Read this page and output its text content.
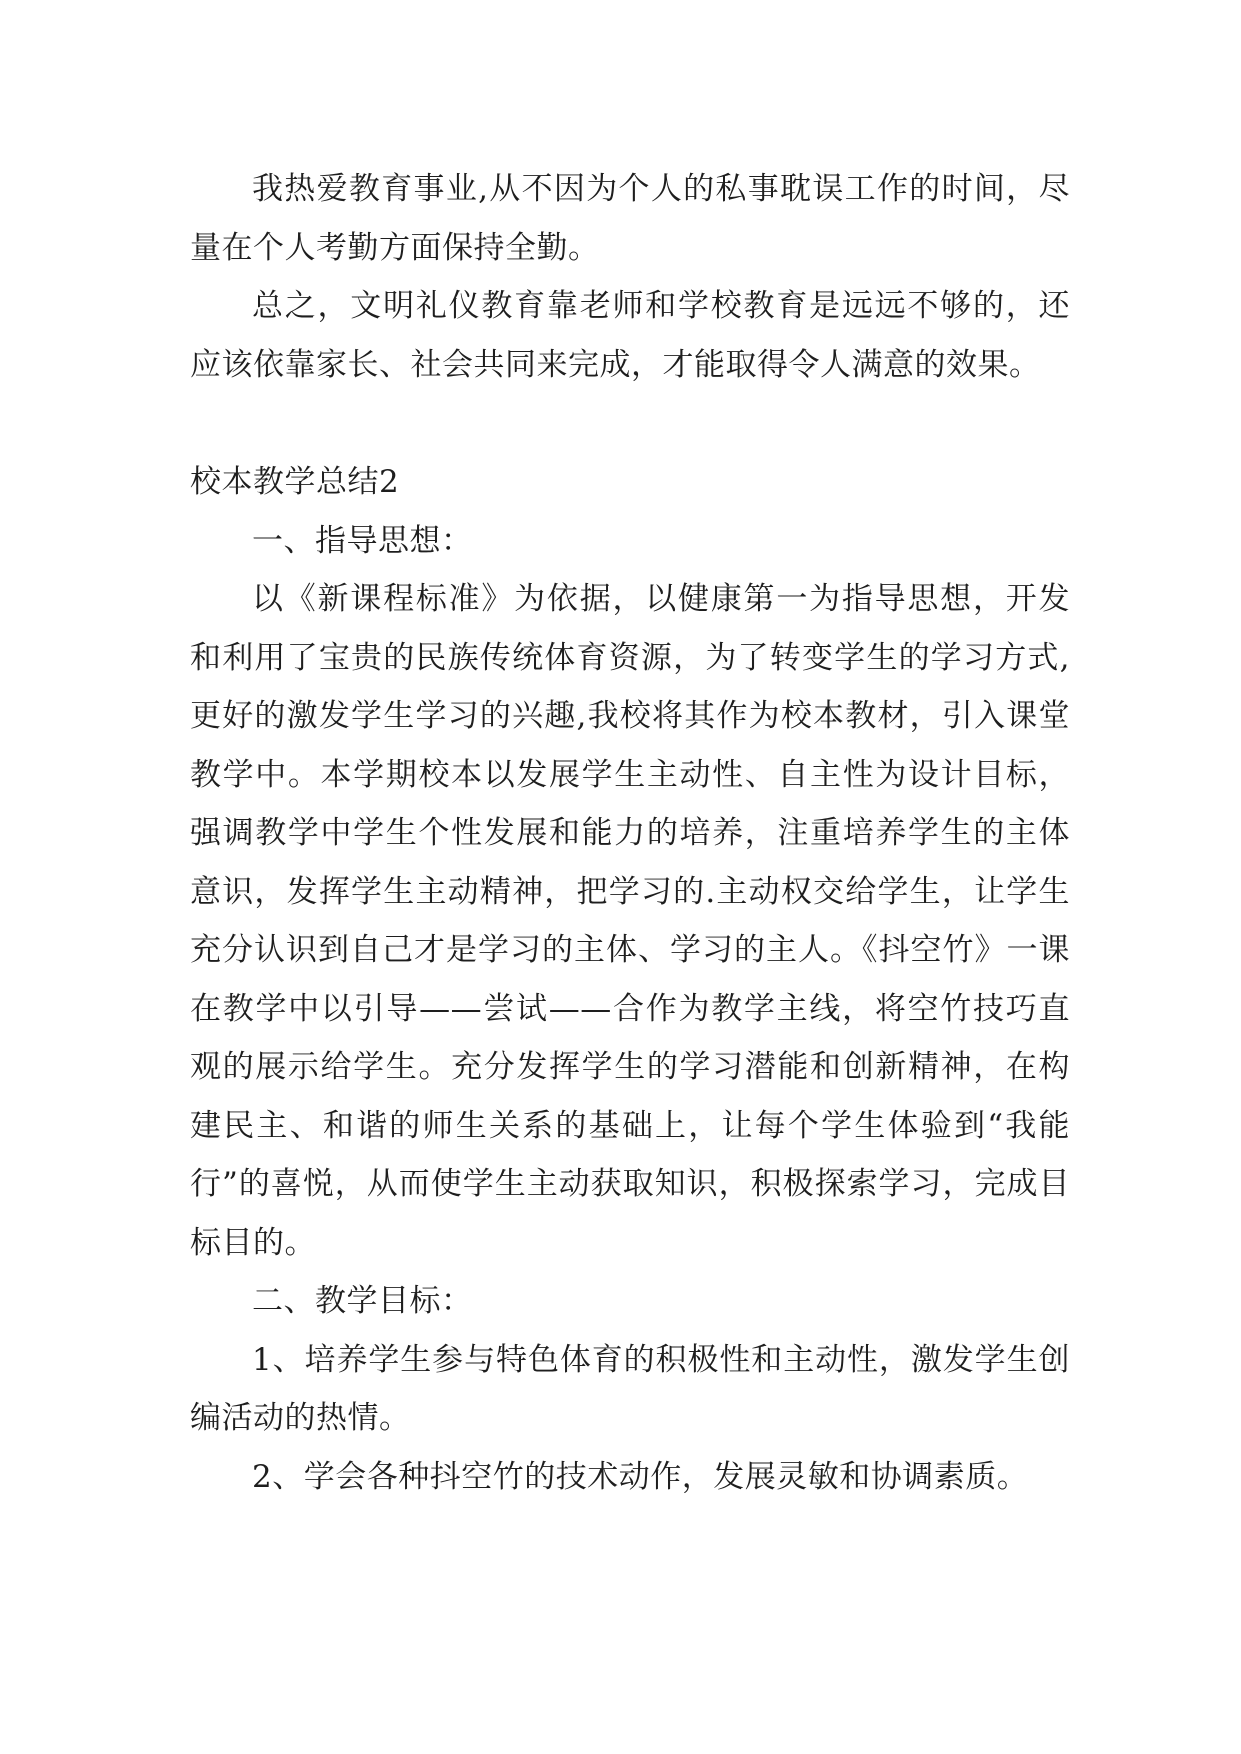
我热爱教育事业,从不因为个人的私事耽误工作的时间，尽量在个人考勤方面保持全勤。

总之，文明礼仪教育靠老师和学校教育是远远不够的，还应该依靠家长、社会共同来完成，才能取得令人满意的效果。

校本教学总结2

一、指导思想：

以《新课程标准》为依据，以健康第一为指导思想，开发和利用了宝贵的民族传统体育资源，为了转变学生的学习方式,更好的激发学生学习的兴趣,我校将其作为校本教材，引入课堂教学中。本学期校本以发展学生主动性、自主性为设计目标，强调教学中学生个性发展和能力的培养，注重培养学生的主体意识，发挥学生主动精神，把学习的.主动权交给学生，让学生充分认识到自己才是学习的主体、学习的主人。《抖空竹》一课在教学中以引导——尝试——合作为教学主线，将空竹技巧直观的展示给学生。充分发挥学生的学习潜能和创新精神，在构建民主、和谐的师生关系的基础上，让每个学生体验到“我能行”的喜悦，从而使学生主动获取知识，积极探索学习，完成目标目的。

二、教学目标：

1、培养学生参与特色体育的积极性和主动性，激发学生创编活动的热情。

2、学会各种抖空竹的技术动作，发展灵敏和协调素质。
